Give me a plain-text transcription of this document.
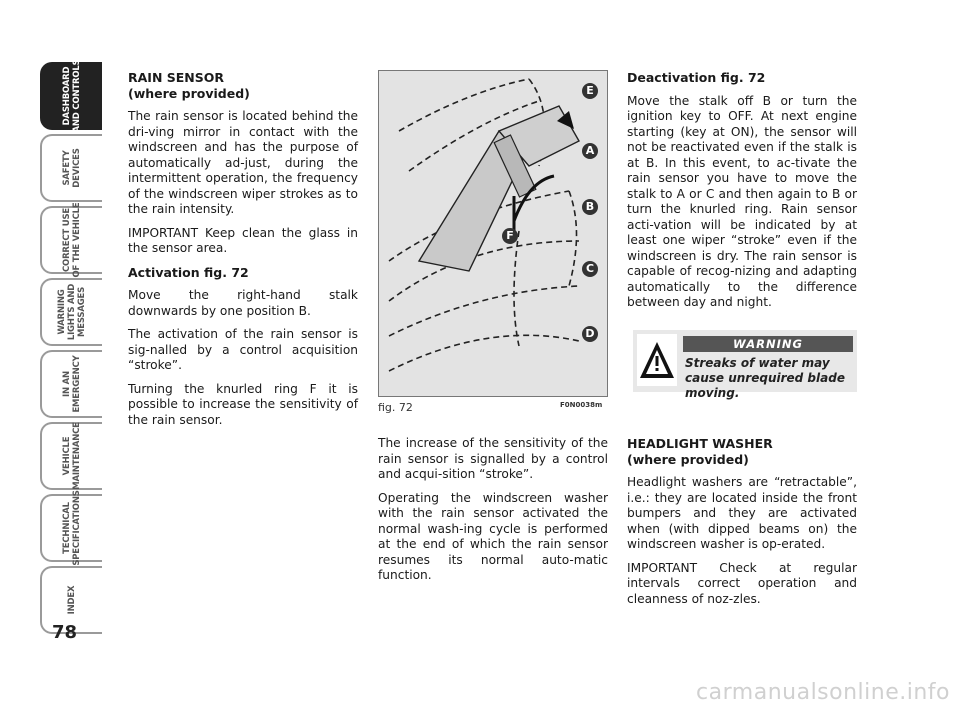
DASHBOARD
AND CONTROLS
SAFETY
DEVICES
CORRECT USE
OF THE VEHICLE
WARNING
LIGHTS AND
MESSAGES
IN AN
EMERGENCY
VEHICLE
MAINTENANCE
TECHNICAL
SPECIFICATIONS
INDEX
78
RAIN SENSOR
(where provided)

The rain sensor is located behind the dri-ving mirror in contact with the windscreen and has the purpose of automatically ad-just, during the intermittent operation, the frequency of the windscreen wiper strokes as to the rain intensity.

IMPORTANT Keep clean the glass in the sensor area.

Activation fig. 72

Move the right-hand stalk downwards by one position B.

The activation of the rain sensor is sig-nalled by a control acquisition “stroke”.

Turning the knurled ring F it is possible to increase the sensitivity of the rain sensor.

E
A
B
C
D
F
fig. 72	F0N0038m

The increase of the sensitivity of the rain sensor is signalled by a control and acqui-sition “stroke”.

Operating the windscreen washer with the rain sensor activated the normal wash-ing cycle is performed at the end of which the rain sensor resumes its normal auto-matic function.

Deactivation fig. 72

Move the stalk off B or turn the ignition key to OFF. At next engine starting (key at ON), the sensor will not be reactivated even if the stalk is at B. In this event, to ac-tivate the rain sensor you have to move the stalk to A or C and then again to B or turn the knurled ring. Rain sensor acti-vation will be indicated by at least one wiper “stroke” even if the windscreen is dry. The rain sensor is capable of recog-nizing and adapting automatically to the difference between day and night.

WARNING
Streaks of water may cause unrequired blade moving.
HEADLIGHT WASHER
(where provided)

Headlight washers are “retractable”, i.e.: they are located inside the front bumpers and they are activated when (with dipped beams on) the windscreen washer is op-erated.

IMPORTANT Check at regular intervals correct operation and cleanness of noz-zles.

carmanualsonline.info
